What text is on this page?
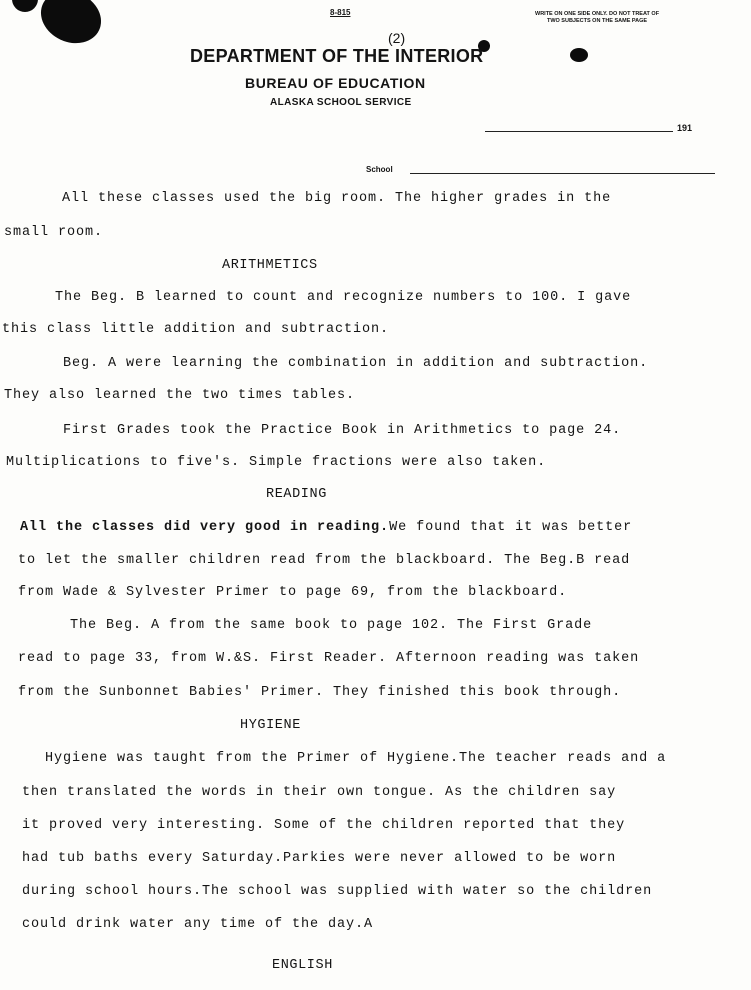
8-815	WRITE ON ONE SIDE ONLY. DO NOT TREAT OF
TWO SUBJECTS ON THE SAME PAGE
(2)
DEPARTMENT OF THE INTERIOR
BUREAU OF EDUCATION
ALASKA SCHOOL SERVICE
191
School
All these classes used the big room. The higher grades in the
small room.
ARITHMETICS
The Beg. B learned to count and recognize numbers to 100. I gave
this class little addition and subtraction.
Beg. A were learning the combination in addition and subtraction.
They also learned the two times tables.
First Grades took the Practice Book in Arithmetics to page 24.
Multiplications to five's. Simple fractions were also taken.
READING
All the classes did very good in reading.We found that it was better
to let the smaller children read from the blackboard. The Beg.B read
from Wade & Sylvester Primer to page 69, from the blackboard.
The Beg. A from the same book to page 102. The First Grade
read to page 33, from W.&S. First Reader. Afternoon reading was taken
from the Sunbonnet Babies' Primer. They finished this book through.
HYGIENE
Hygiene was taught from the Primer of Hygiene.The teacher reads and a
then translated the words in their own tongue. As the children say
it proved very interesting. Some of the children reported that they
had tub baths every Saturday.Parkies were never allowed to be worn
during school hours.The school was supplied with water so the children
could drink water any time of the day.A
ENGLISH
